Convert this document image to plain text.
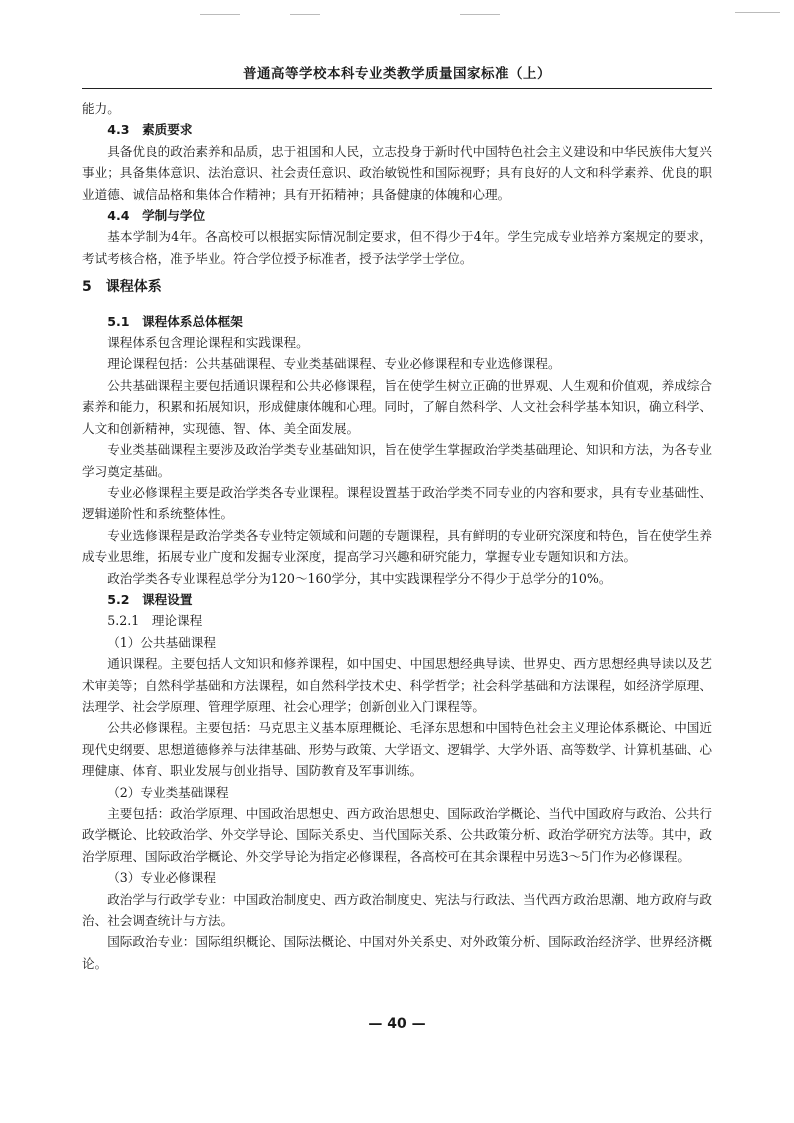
普通高等学校本科专业类教学质量国家标准（上）

能力。

4.3　素质要求

具备优良的政治素养和品质，忠于祖国和人民，立志投身于新时代中国特色社会主义建设和中华民族伟大复兴事业；具备集体意识、法治意识、社会责任意识、政治敏锐性和国际视野；具有良好的人文和科学素养、优良的职业道德、诚信品格和集体合作精神；具有开拓精神；具备健康的体魄和心理。

4.4　学制与学位

基本学制为4年。各高校可以根据实际情况制定要求，但不得少于4年。学生完成专业培养方案规定的要求，考试考核合格，准予毕业。符合学位授予标准者，授予法学学士学位。

5　课程体系

5.1　课程体系总体框架

课程体系包含理论课程和实践课程。

理论课程包括：公共基础课程、专业类基础课程、专业必修课程和专业选修课程。

公共基础课程主要包括通识课程和公共必修课程，旨在使学生树立正确的世界观、人生观和价值观，养成综合素养和能力，积累和拓展知识，形成健康体魄和心理。同时，了解自然科学、人文社会科学基本知识，确立科学、人文和创新精神，实现德、智、体、美全面发展。

专业类基础课程主要涉及政治学类专业基础知识，旨在使学生掌握政治学类基础理论、知识和方法，为各专业学习奠定基础。

专业必修课程主要是政治学类各专业课程。课程设置基于政治学类不同专业的内容和要求，具有专业基础性、逻辑递阶性和系统整体性。

专业选修课程是政治学类各专业特定领域和问题的专题课程，具有鲜明的专业研究深度和特色，旨在使学生养成专业思维，拓展专业广度和发掘专业深度，提高学习兴趣和研究能力，掌握专业专题知识和方法。

政治学类各专业课程总学分为120～160学分，其中实践课程学分不得少于总学分的10%。

5.2　课程设置

5.2.1　理论课程

（1）公共基础课程

通识课程。主要包括人文知识和修养课程，如中国史、中国思想经典导读、世界史、西方思想经典导读以及艺术审美等；自然科学基础和方法课程，如自然科学技术史、科学哲学；社会科学基础和方法课程，如经济学原理、法理学、社会学原理、管理学原理、社会心理学；创新创业入门课程等。

公共必修课程。主要包括：马克思主义基本原理概论、毛泽东思想和中国特色社会主义理论体系概论、中国近现代史纲要、思想道德修养与法律基础、形势与政策、大学语文、逻辑学、大学外语、高等数学、计算机基础、心理健康、体育、职业发展与创业指导、国防教育及军事训练。

（2）专业类基础课程

主要包括：政治学原理、中国政治思想史、西方政治思想史、国际政治学概论、当代中国政府与政治、公共行政学概论、比较政治学、外交学导论、国际关系史、当代国际关系、公共政策分析、政治学研究方法等。其中，政治学原理、国际政治学概论、外交学导论为指定必修课程，各高校可在其余课程中另选3～5门作为必修课程。

（3）专业必修课程

政治学与行政学专业：中国政治制度史、西方政治制度史、宪法与行政法、当代西方政治思潮、地方政府与政治、社会调查统计与方法。

国际政治专业：国际组织概论、国际法概论、中国对外关系史、对外政策分析、国际政治经济学、世界经济概论。

— 40 —
